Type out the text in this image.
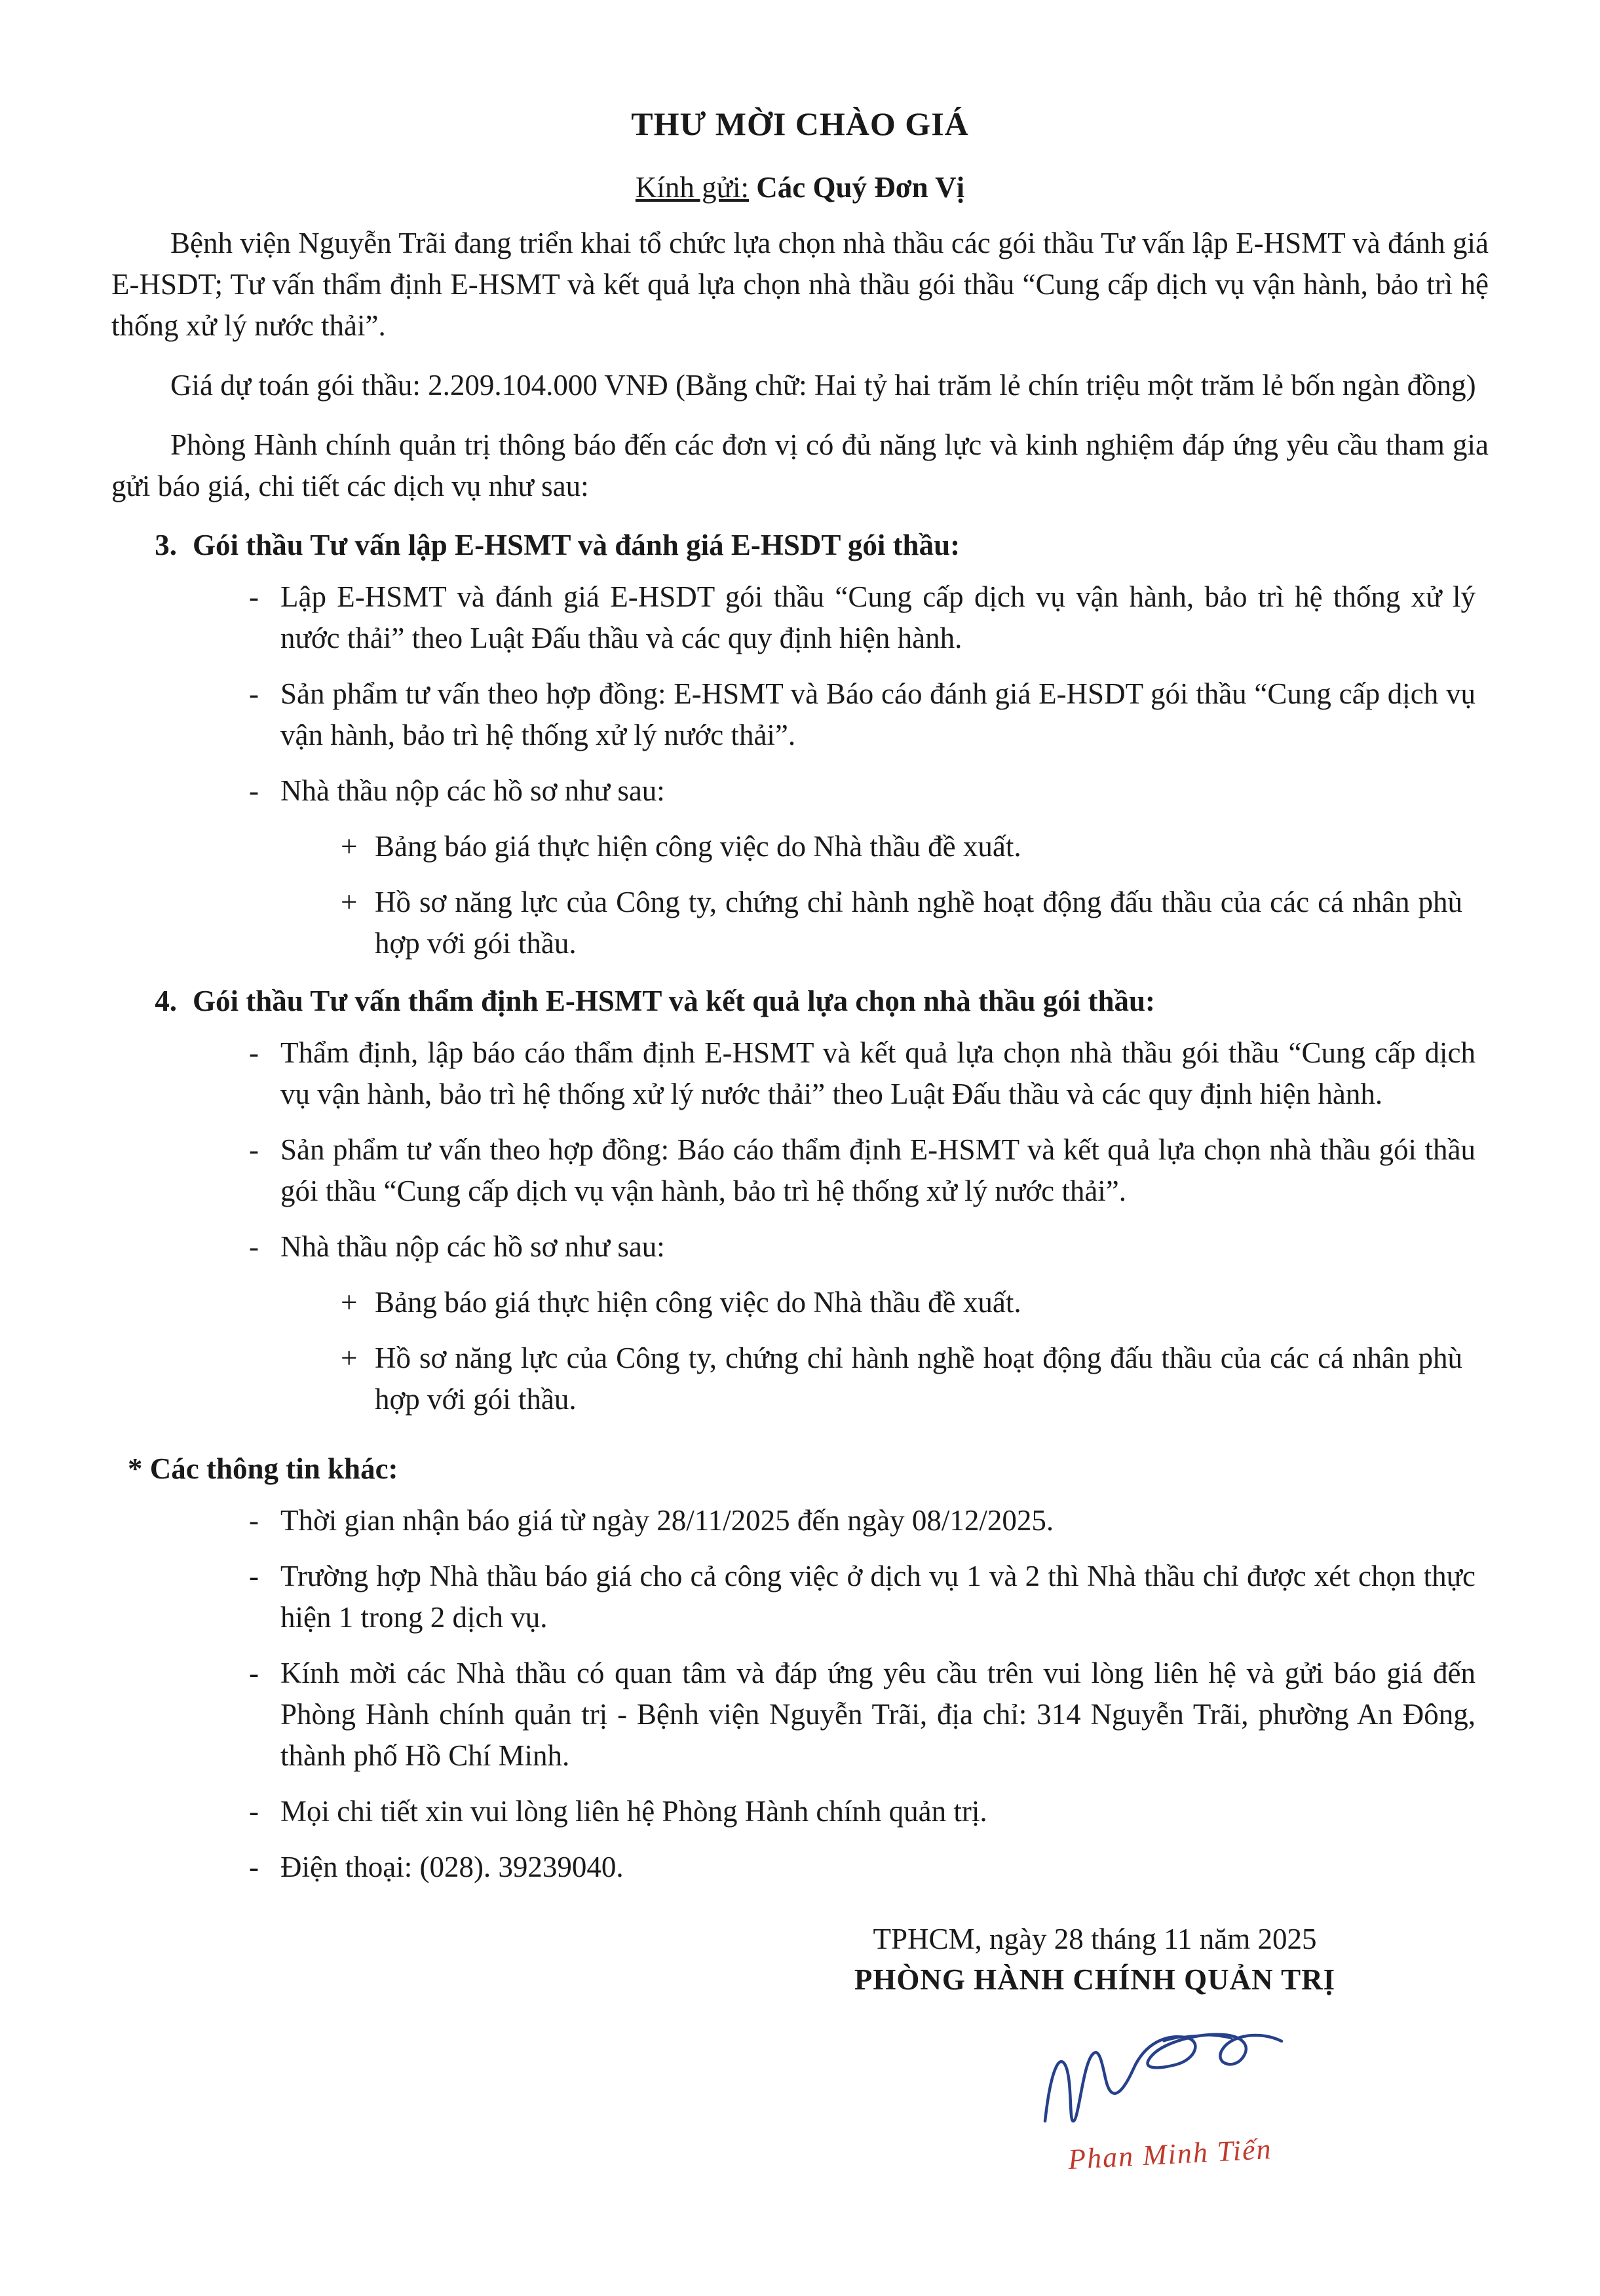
THƯ MỜI CHÀO GIÁ
Kính gửi: Các Quý Đơn Vị

Bệnh viện Nguyễn Trãi đang triển khai tổ chức lựa chọn nhà thầu các gói thầu Tư vấn lập E-HSMT và đánh giá E-HSDT; Tư vấn thẩm định E-HSMT và kết quả lựa chọn nhà thầu gói thầu “Cung cấp dịch vụ vận hành, bảo trì hệ thống xử lý nước thải”.

Giá dự toán gói thầu: 2.209.104.000 VNĐ (Bằng chữ: Hai tỷ hai trăm lẻ chín triệu một trăm lẻ bốn ngàn đồng)

Phòng Hành chính quản trị thông báo đến các đơn vị có đủ năng lực và kinh nghiệm đáp ứng yêu cầu tham gia gửi báo giá, chi tiết các dịch vụ như sau:

3. Gói thầu Tư vấn lập E-HSMT và đánh giá E-HSDT gói thầu:
- Lập E-HSMT và đánh giá E-HSDT gói thầu “Cung cấp dịch vụ vận hành, bảo trì hệ thống xử lý nước thải” theo Luật Đấu thầu và các quy định hiện hành.
- Sản phẩm tư vấn theo hợp đồng: E-HSMT và Báo cáo đánh giá E-HSDT gói thầu “Cung cấp dịch vụ vận hành, bảo trì hệ thống xử lý nước thải”.
- Nhà thầu nộp các hồ sơ như sau:
+ Bảng báo giá thực hiện công việc do Nhà thầu đề xuất.
+ Hồ sơ năng lực của Công ty, chứng chỉ hành nghề hoạt động đấu thầu của các cá nhân phù hợp với gói thầu.
4. Gói thầu Tư vấn thẩm định E-HSMT và kết quả lựa chọn nhà thầu gói thầu:
- Thẩm định, lập báo cáo thẩm định E-HSMT và kết quả lựa chọn nhà thầu gói thầu “Cung cấp dịch vụ vận hành, bảo trì hệ thống xử lý nước thải” theo Luật Đấu thầu và các quy định hiện hành.
- Sản phẩm tư vấn theo hợp đồng: Báo cáo thẩm định E-HSMT và kết quả lựa chọn nhà thầu gói thầu gói thầu “Cung cấp dịch vụ vận hành, bảo trì hệ thống xử lý nước thải”.
- Nhà thầu nộp các hồ sơ như sau:
+ Bảng báo giá thực hiện công việc do Nhà thầu đề xuất.
+ Hồ sơ năng lực của Công ty, chứng chỉ hành nghề hoạt động đấu thầu của các cá nhân phù hợp với gói thầu.
* Các thông tin khác:
- Thời gian nhận báo giá từ ngày 28/11/2025 đến ngày 08/12/2025.
- Trường hợp Nhà thầu báo giá cho cả công việc ở dịch vụ 1 và 2 thì Nhà thầu chỉ được xét chọn thực hiện 1 trong 2 dịch vụ.
- Kính mời các Nhà thầu có quan tâm và đáp ứng yêu cầu trên vui lòng liên hệ và gửi báo giá đến Phòng Hành chính quản trị - Bệnh viện Nguyễn Trãi, địa chỉ: 314 Nguyễn Trãi, phường An Đông, thành phố Hồ Chí Minh.
- Mọi chi tiết xin vui lòng liên hệ Phòng Hành chính quản trị.
- Điện thoại: (028). 39239040.
TPHCM, ngày 28 tháng 11 năm 2025
PHÒNG HÀNH CHÍNH QUẢN TRỊ
Phan Minh Tiến
